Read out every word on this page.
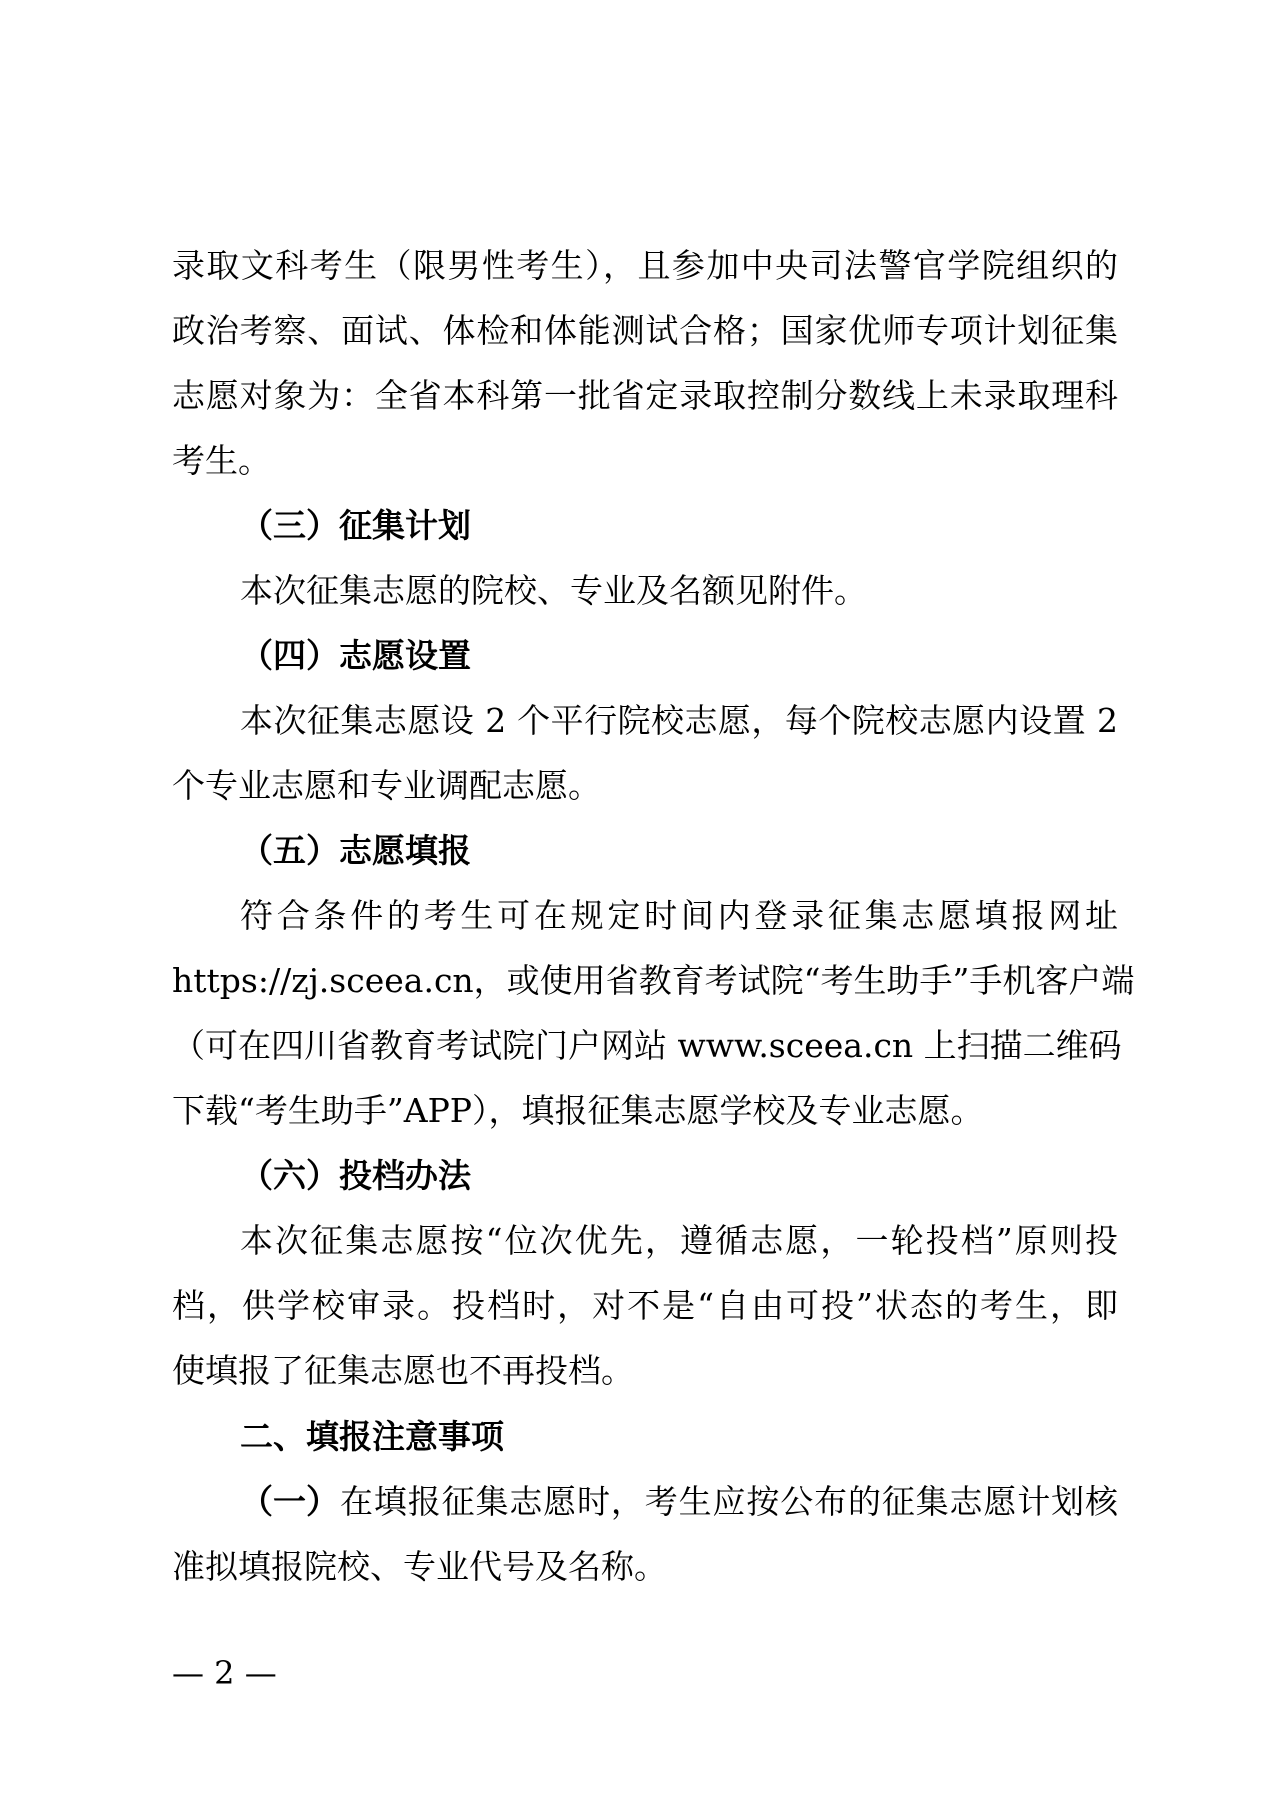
录取文科考生（限男性考生），且参加中央司法警官学院组织的
政治考察、面试、体检和体能测试合格；国家优师专项计划征集
志愿对象为：全省本科第一批省定录取控制分数线上未录取理科
考生。
（三）征集计划
本次征集志愿的院校、专业及名额见附件。
（四）志愿设置
本次征集志愿设 2 个平行院校志愿，每个院校志愿内设置 2
个专业志愿和专业调配志愿。
（五）志愿填报
符合条件的考生可在规定时间内登录征集志愿填报网址
https://zj.sceea.cn，或使用省教育考试院“考生助手”手机客户端
（可在四川省教育考试院门户网站 www.sceea.cn 上扫描二维码
下载“考生助手”APP），填报征集志愿学校及专业志愿。
（六）投档办法
本次征集志愿按“位次优先，遵循志愿，一轮投档”原则投
档，供学校审录。投档时，对不是“自由可投”状态的考生，即
使填报了征集志愿也不再投档。
二、填报注意事项
（一） 在填报征集志愿时，考生应按公布的征集志愿计划核
准拟填报院校、专业代号及名称。
— 2 —
